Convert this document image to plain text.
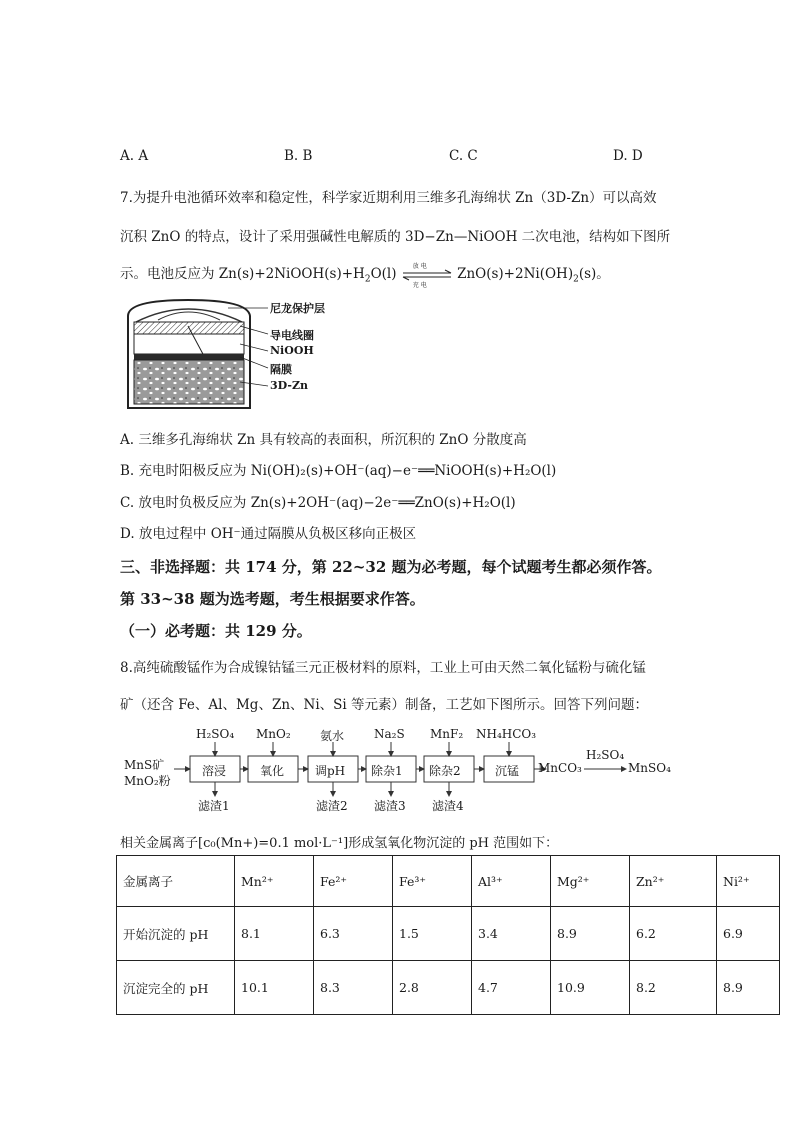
A. A	B. B	C. C	D. D
7.为提升电池循环效率和稳定性，科学家近期利用三维多孔海绵状 Zn（3D-Zn）可以高效
沉积 ZnO 的特点，设计了采用强碱性电解质的 3D−Zn—NiOOH 二次电池，结构如下图所
示。电池反应为 $Zn(s)+2NiOOH(s)+H_2O(l)$	放 电
充 电
$ZnO(s)+2Ni(OH)_2(s)$。
尼龙保护层
导电线圈
NiOOH
隔膜
3D-Zn
A. 三维多孔海绵状 Zn 具有较高的表面积，所沉积的 ZnO 分散度高
B. 充电时阳极反应为 Ni(OH)₂(s)+OH⁻(aq)−e⁻══NiOOH(s)+H₂O(l)
C. 放电时负极反应为 Zn(s)+2OH⁻(aq)−2e⁻══ZnO(s)+H₂O(l)
D. 放电过程中 OH⁻通过隔膜从负极区移向正极区
三、非选择题：共 174 分，第 22~32 题为必考题，每个试题考生都必须作答。
第 33~38 题为选考题，考生根据要求作答。
（一）必考题：共 129 分。
8.高纯硫酸锰作为合成镍钴锰三元正极材料的原料，工业上可由天然二氧化锰粉与硫化锰
矿（还含 Fe、Al、Mg、Zn、Ni、Si 等元素）制备，工艺如下图所示。回答下列问题：
MnS矿
MnO₂粉
H₂SO₄ MnO₂ 氨水 Na₂S MnF₂ NH₄HCO₃
溶浸	氧化	调pH 除杂1 除杂2	沉锰
滤渣1	滤渣2 滤渣3 滤渣4
MnCO₃
H₂SO₄
MnSO₄
相关金属离子[c₀(Mn+)=0.1 mol·L⁻¹]形成氢氧化物沉淀的 pH 范围如下：
金属离子	Mn²⁺	Fe²⁺	Fe³⁺	Al³⁺	Mg²⁺	Zn²⁺	Ni²⁺
开始沉淀的 pH	8.1	6.3	1.5	3.4	8.9	6.2	6.9
沉淀完全的 pH	10.1	8.3	2.8	4.7	10.9	8.2	8.9
